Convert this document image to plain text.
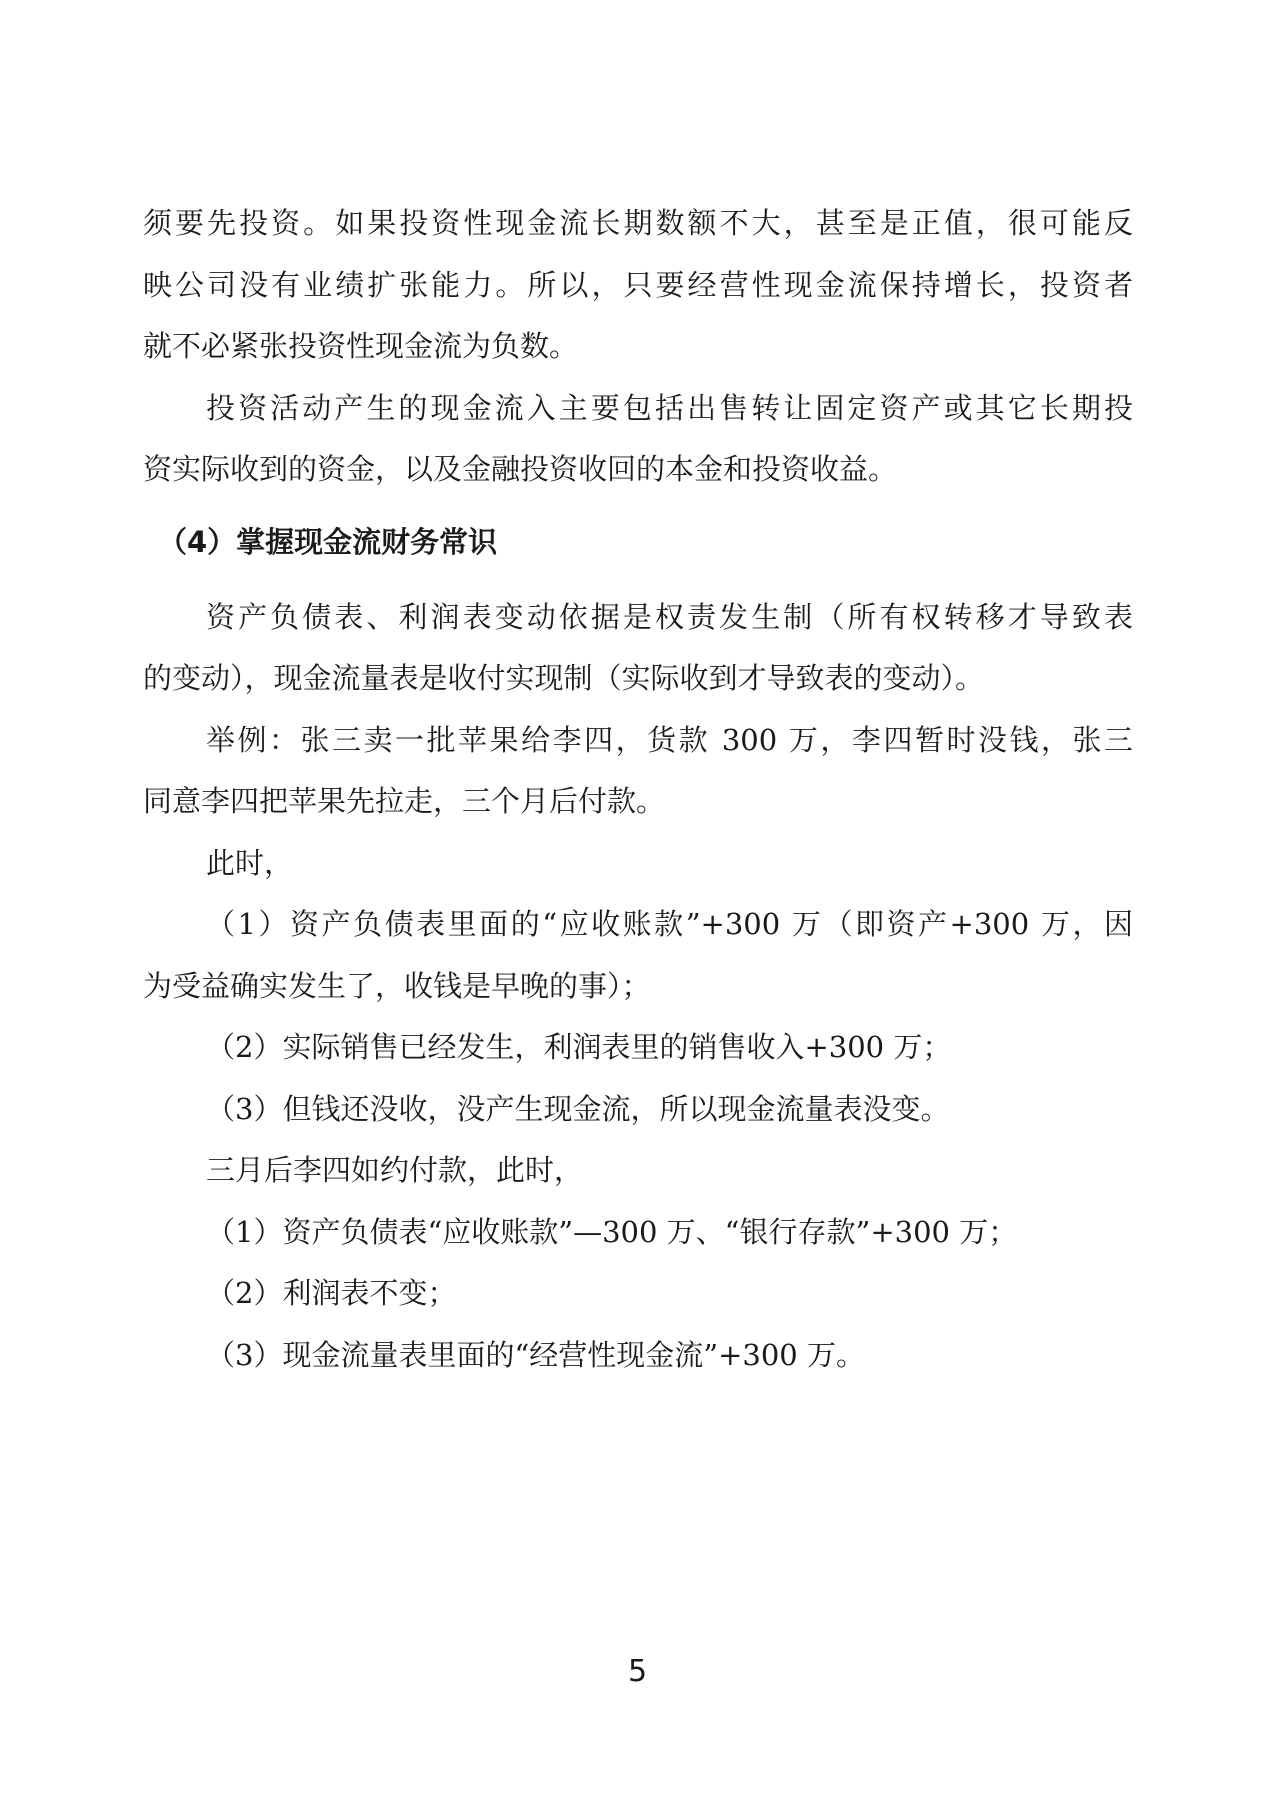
须要先投资。如果投资性现金流长期数额不大，甚至是正值，很可能反
映公司没有业绩扩张能力。所以，只要经营性现金流保持增长，投资者
就不必紧张投资性现金流为负数。
投资活动产生的现金流入主要包括出售转让固定资产或其它长期投
资实际收到的资金，以及金融投资收回的本金和投资收益。
（4）掌握现金流财务常识
资产负债表、利润表变动依据是权责发生制（所有权转移才导致表
的变动），现金流量表是收付实现制（实际收到才导致表的变动）。
举例：张三卖一批苹果给李四，货款 300 万，李四暂时没钱，张三
同意李四把苹果先拉走，三个月后付款。
此时，
（1）资产负债表里面的“应收账款”+300 万（即资产+300 万，因
为受益确实发生了，收钱是早晚的事）；
（2）实际销售已经发生，利润表里的销售收入+300 万；
（3）但钱还没收，没产生现金流，所以现金流量表没变。
三月后李四如约付款，此时，
（1）资产负债表“应收账款”—300 万、“银行存款”+300 万；
（2）利润表不变；
（3）现金流量表里面的“经营性现金流”+300 万。
5
